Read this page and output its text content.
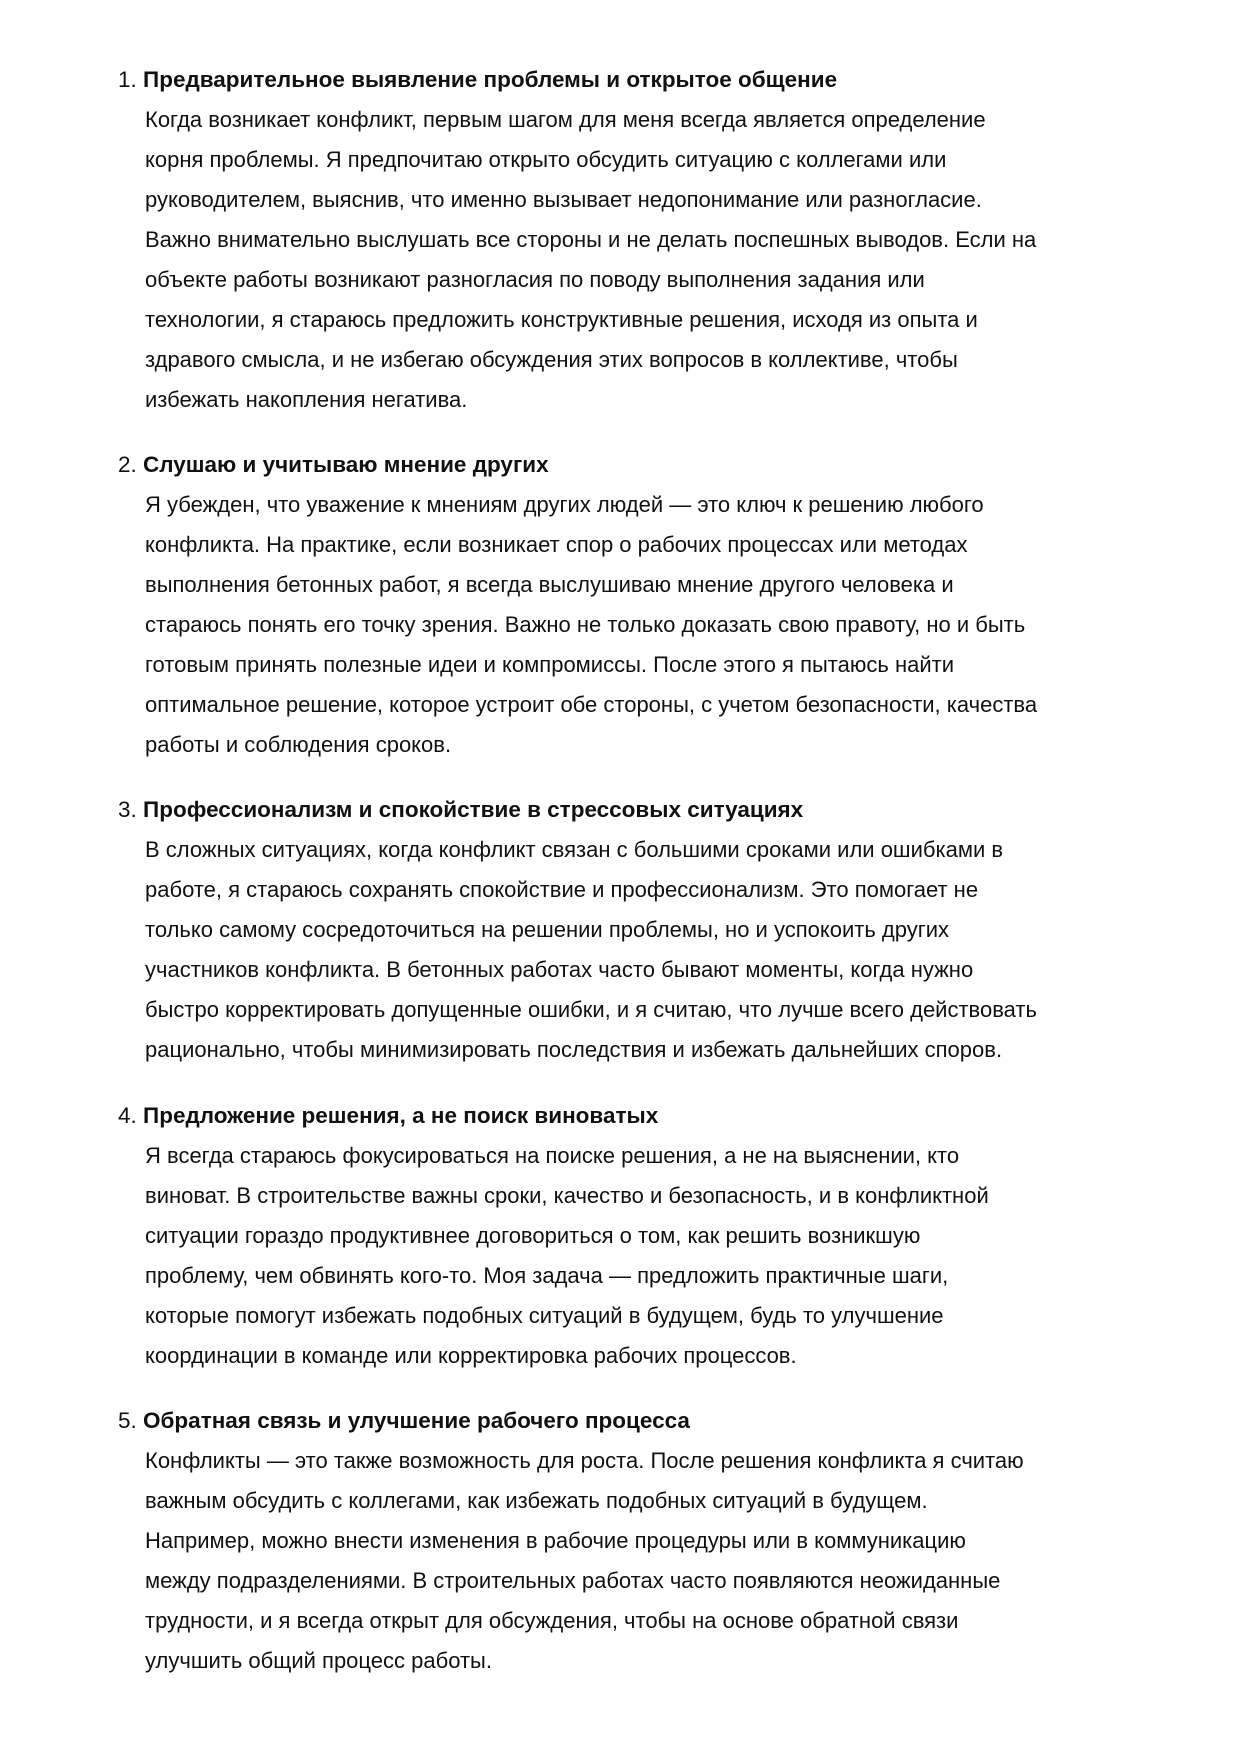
1. Предварительное выявление проблемы и открытое общение
Когда возникает конфликт, первым шагом для меня всегда является определение
корня проблемы. Я предпочитаю открыто обсудить ситуацию с коллегами или
руководителем, выяснив, что именно вызывает недопонимание или разногласие.
Важно внимательно выслушать все стороны и не делать поспешных выводов. Если на
объекте работы возникают разногласия по поводу выполнения задания или
технологии, я стараюсь предложить конструктивные решения, исходя из опыта и
здравого смысла, и не избегаю обсуждения этих вопросов в коллективе, чтобы
избежать накопления негатива.
2. Слушаю и учитываю мнение других
Я убежден, что уважение к мнениям других людей — это ключ к решению любого
конфликта. На практике, если возникает спор о рабочих процессах или методах
выполнения бетонных работ, я всегда выслушиваю мнение другого человека и
стараюсь понять его точку зрения. Важно не только доказать свою правоту, но и быть
готовым принять полезные идеи и компромиссы. После этого я пытаюсь найти
оптимальное решение, которое устроит обе стороны, с учетом безопасности, качества
работы и соблюдения сроков.
3. Профессионализм и спокойствие в стрессовых ситуациях
В сложных ситуациях, когда конфликт связан с большими сроками или ошибками в
работе, я стараюсь сохранять спокойствие и профессионализм. Это помогает не
только самому сосредоточиться на решении проблемы, но и успокоить других
участников конфликта. В бетонных работах часто бывают моменты, когда нужно
быстро корректировать допущенные ошибки, и я считаю, что лучше всего действовать
рационально, чтобы минимизировать последствия и избежать дальнейших споров.
4. Предложение решения, а не поиск виноватых
Я всегда стараюсь фокусироваться на поиске решения, а не на выяснении, кто
виноват. В строительстве важны сроки, качество и безопасность, и в конфликтной
ситуации гораздо продуктивнее договориться о том, как решить возникшую
проблему, чем обвинять кого-то. Моя задача — предложить практичные шаги,
которые помогут избежать подобных ситуаций в будущем, будь то улучшение
координации в команде или корректировка рабочих процессов.
5. Обратная связь и улучшение рабочего процесса
Конфликты — это также возможность для роста. После решения конфликта я считаю
важным обсудить с коллегами, как избежать подобных ситуаций в будущем.
Например, можно внести изменения в рабочие процедуры или в коммуникацию
между подразделениями. В строительных работах часто появляются неожиданные
трудности, и я всегда открыт для обсуждения, чтобы на основе обратной связи
улучшить общий процесс работы.
